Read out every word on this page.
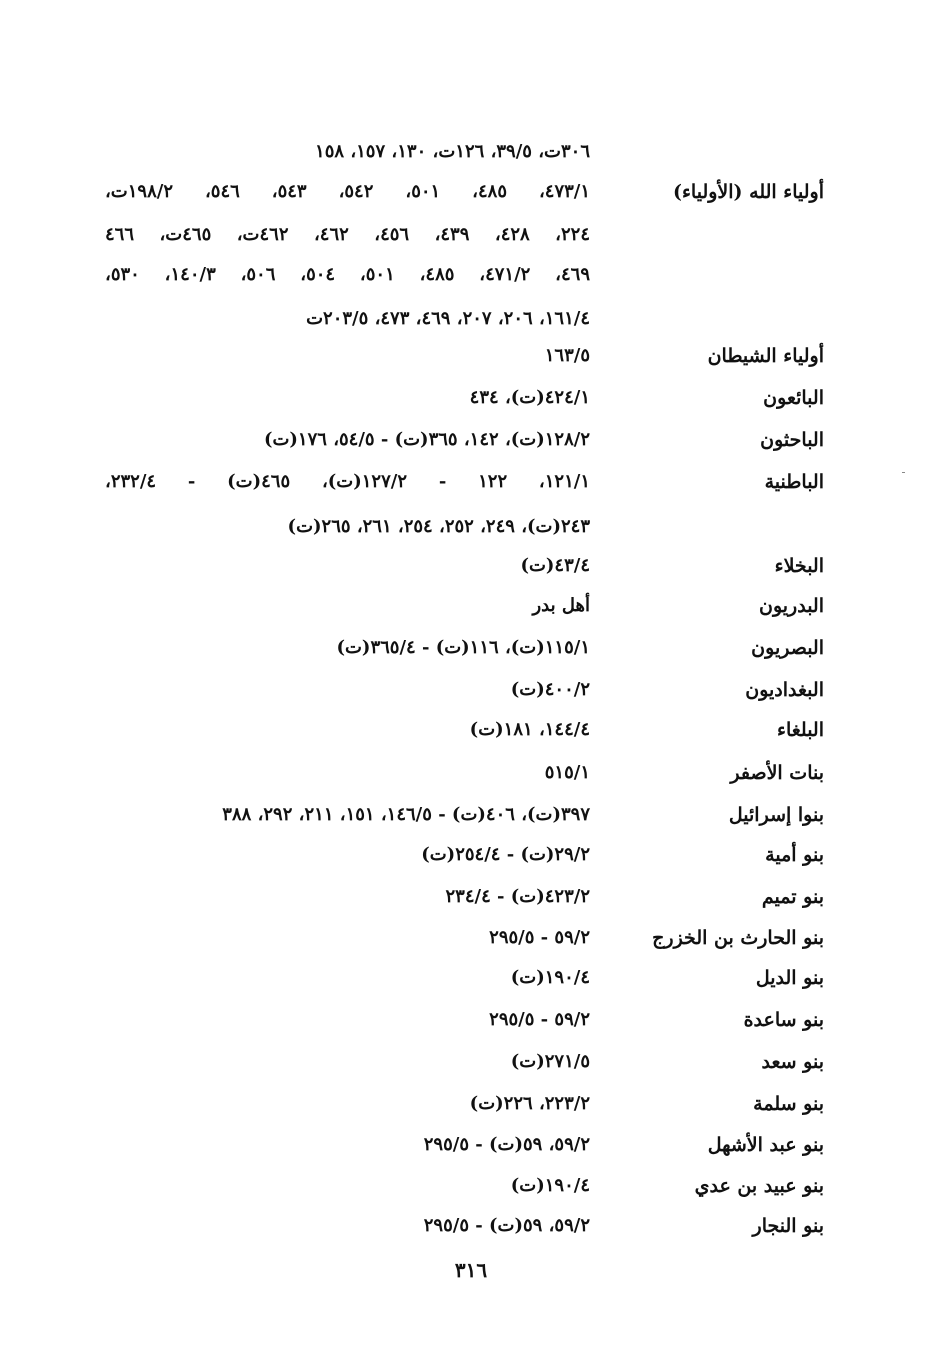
٣٠٦ت، ٣٩/٥، ١٢٦ت، ١٣٠، ١٥٧، ١٥٨
أولياء الله (الأولياء)
٤٧٣/١، ٤٨٥، ٥٠١، ٥٤٢، ٥٤٣، ٥٤٦، ١٩٨/٢ت،
٢٢٤، ٤٢٨، ٤٣٩، ٤٥٦، ٤٦٢، ٤٦٢ت، ٤٦٥ت، ٤٦٦
٤٦٩، ٤٧١/٢، ٤٨٥، ٥٠١، ٥٠٤، ٥٠٦، ١٤٠/٣، ٥٣٠،
١٦١/٤، ٢٠٦، ٢٠٧، ٤٦٩، ٤٧٣، ٢٠٣/٥ت
أولياء الشيطان
١٦٣/٥
البائعون
٤٢٤/١(ت)، ٤٣٤
الباحثون
١٢٨/٢(ت)، ١٤٢، ٣٦٥(ت) - ٥٤/٥، ١٧٦(ت)
الباطنية
١٢١/١، ١٢٢ - ١٢٧/٢(ت)، ٤٦٥(ت) - ٢٣٢/٤،
٢٤٣(ت)، ٢٤٩، ٢٥٢، ٢٥٤، ٢٦١، ٢٦٥(ت)
البخلاء
٤٣/٤(ت)
البدريون
أهل بدر
البصريون
١١٥/١(ت)، ١١٦(ت) - ٣٦٥/٤(ت)
البغداديون
٤٠٠/٢(ت)
البلغاء
١٤٤/٤، ١٨١(ت)
بنات الأصفر
٥١٥/١
بنوا إسرائيل
٣٩٧(ت)، ٤٠٦(ت) - ١٤٦/٥، ١٥١، ٢١١، ٢٩٢، ٣٨٨
بنو أمية
٢٩/٢(ت) - ٢٥٤/٤(ت)
بنو تميم
٤٢٣/٢(ت) - ٢٣٤/٤
بنو الحارث بن الخزرج
٥٩/٢ - ٢٩٥/٥
بنو الديل
١٩٠/٤(ت)
بنو ساعدة
٥٩/٢ - ٢٩٥/٥
بنو سعد
٢٧١/٥(ت)
بنو سلمة
٢٢٣/٢، ٢٢٦(ت)
بنو عبد الأشهل
٥٩/٢، ٥٩(ت) - ٢٩٥/٥
بنو عبيد بن عدي
١٩٠/٤(ت)
بنو النجار
٥٩/٢، ٥٩(ت) - ٢٩٥/٥
٣١٦
